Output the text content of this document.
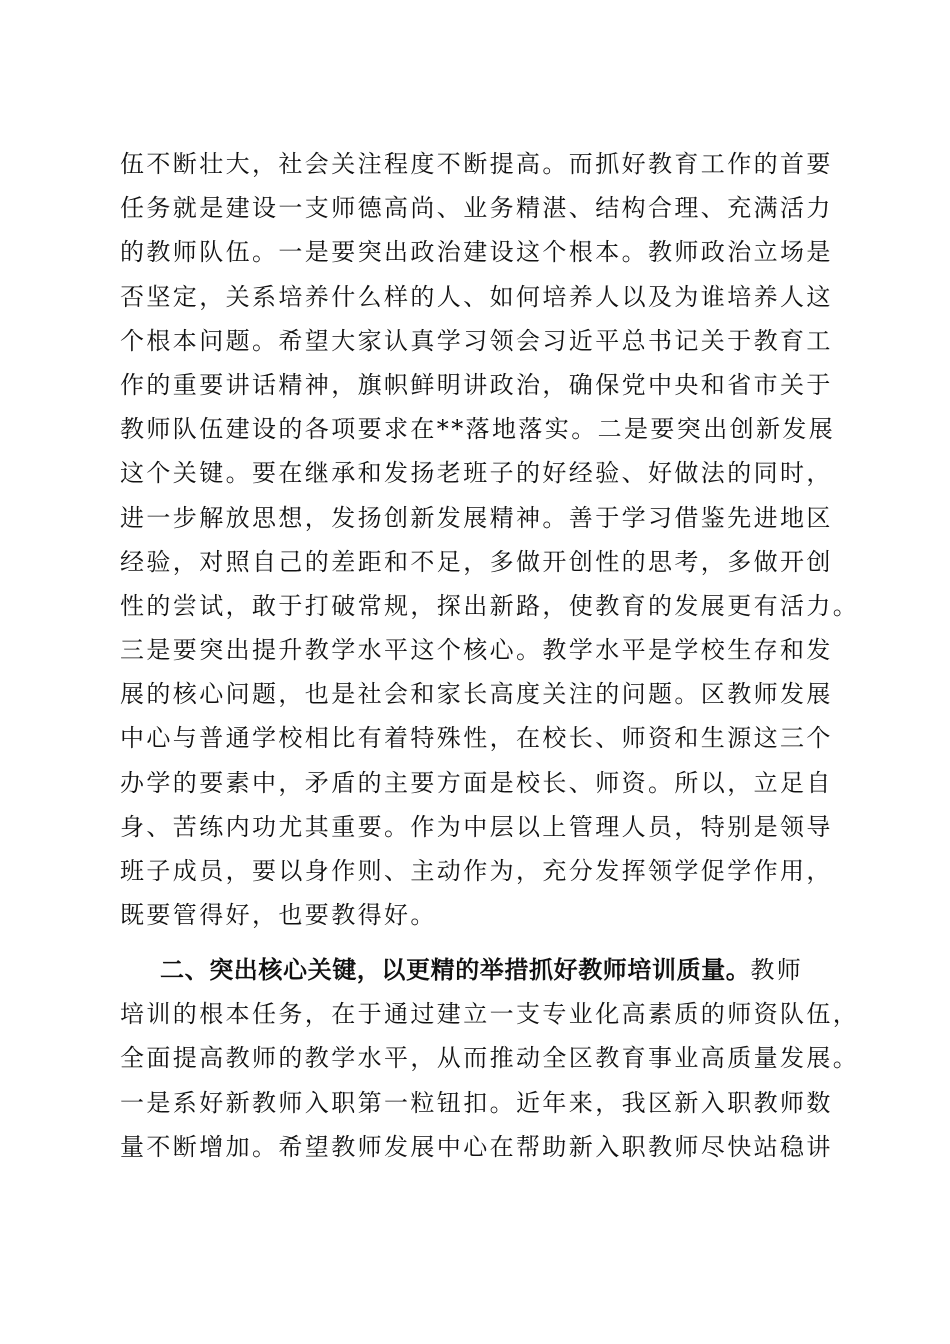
伍不断壮大，社会关注程度不断提高。而抓好教育工作的首要
任务就是建设一支师德高尚、业务精湛、结构合理、充满活力
的教师队伍。一是要突出政治建设这个根本。教师政治立场是
否坚定，关系培养什么样的人、如何培养人以及为谁培养人这
个根本问题。希望大家认真学习领会习近平总书记关于教育工
作的重要讲话精神，旗帜鲜明讲政治，确保党中央和省市关于
教师队伍建设的各项要求在**落地落实。二是要突出创新发展
这个关键。要在继承和发扬老班子的好经验、好做法的同时，
进一步解放思想，发扬创新发展精神。善于学习借鉴先进地区
经验，对照自己的差距和不足，多做开创性的思考，多做开创
性的尝试，敢于打破常规，探出新路，使教育的发展更有活力。
三是要突出提升教学水平这个核心。教学水平是学校生存和发
展的核心问题，也是社会和家长高度关注的问题。区教师发展
中心与普通学校相比有着特殊性，在校长、师资和生源这三个
办学的要素中，矛盾的主要方面是校长、师资。所以，立足自
身、苦练内功尤其重要。作为中层以上管理人员，特别是领导
班子成员，要以身作则、主动作为，充分发挥领学促学作用，
既要管得好，也要教得好。
二、突出核心关键，以更精的举措抓好教师培训质量。教师
培训的根本任务，在于通过建立一支专业化高素质的师资队伍，
全面提高教师的教学水平，从而推动全区教育事业高质量发展。
一是系好新教师入职第一粒钮扣。近年来，我区新入职教师数
量不断增加。希望教师发展中心在帮助新入职教师尽快站稳讲
